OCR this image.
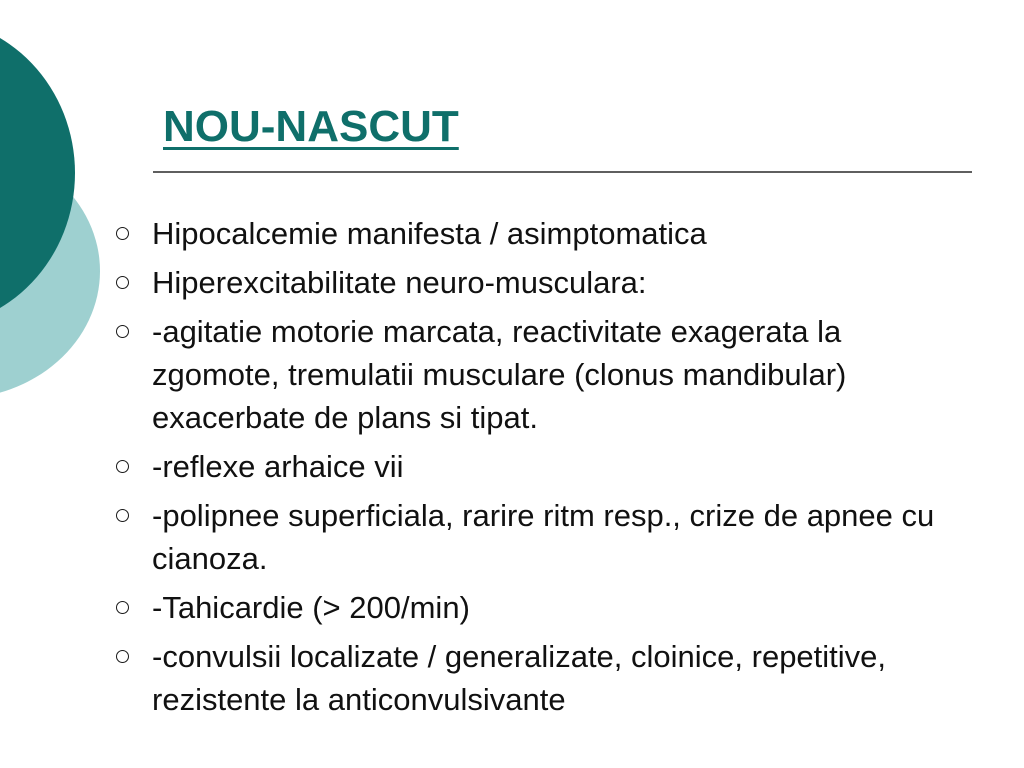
NOU-NASCUT
Hipocalcemie manifesta / asimptomatica
Hiperexcitabilitate neuro-musculara:
-agitatie motorie marcata, reactivitate exagerata la zgomote, tremulatii musculare (clonus mandibular) exacerbate de plans si tipat.
-reflexe arhaice vii
-polipnee superficiala, rarire ritm resp., crize de apnee cu cianoza.
-Tahicardie (> 200/min)
-convulsii localizate / generalizate, cloinice, repetitive, rezistente la anticonvulsivante
